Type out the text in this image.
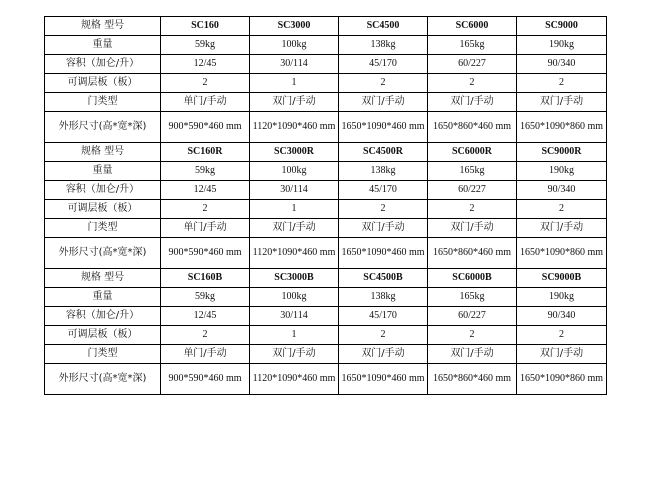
规格 型号	SC160	SC3000	SC4500	SC6000	SC9000
重量	59kg	100kg	138kg	165kg	190kg
容积（加仑/升）	12/45	30/114	45/170	60/227	90/340
可调层板（板）	2	1	2	2	2
门类型	单门/手动	双门/手动	双门/手动	双门/手动	双门/手动
外形尺寸(高*宽*深)	900*590*460 mm	1120*1090*460 mm	1650*1090*460 mm	1650*860*460 mm	1650*1090*860 mm
规格 型号	SC160R	SC3000R	SC4500R	SC6000R	SC9000R
重量	59kg	100kg	138kg	165kg	190kg
容积（加仑/升）	12/45	30/114	45/170	60/227	90/340
可调层板（板）	2	1	2	2	2
门类型	单门/手动	双门/手动	双门/手动	双门/手动	双门/手动
外形尺寸(高*宽*深)	900*590*460 mm	1120*1090*460 mm	1650*1090*460 mm	1650*860*460 mm	1650*1090*860 mm
规格 型号	SC160B	SC3000B	SC4500B	SC6000B	SC9000B
重量	59kg	100kg	138kg	165kg	190kg
容积（加仑/升）	12/45	30/114	45/170	60/227	90/340
可调层板（板）	2	1	2	2	2
门类型	单门/手动	双门/手动	双门/手动	双门/手动	双门/手动
外形尺寸(高*宽*深)	900*590*460 mm	1120*1090*460 mm	1650*1090*460 mm	1650*860*460 mm	1650*1090*860 mm
